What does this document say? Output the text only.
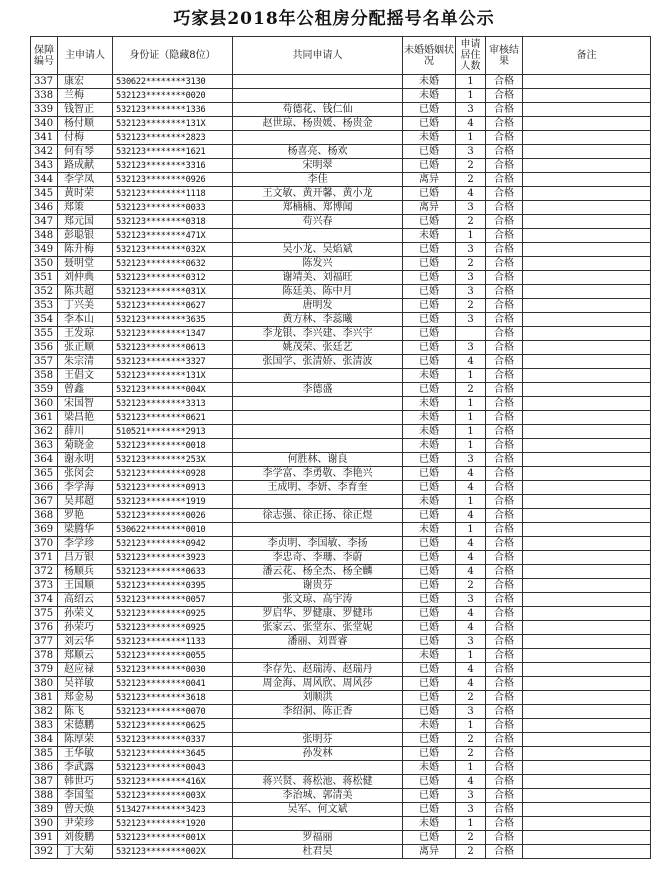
巧家县2018年公租房分配摇号名单公示
保障编号	主申请人	身份证（隐藏8位）	共同申请人	未婚婚姻状况	申请居住人数	审核结果	备注
337	康宏	530622********3130		未婚	1	合格	
338	兰梅	532123********0020		未婚	1	合格	
339	钱智正	532123********1336	苟德花、钱仁仙	已婚	3	合格	
340	杨付顺	532123********131X	赵世琼、杨贵媛、杨贵金	已婚	4	合格	
341	付梅	532123********2823		未婚	1	合格	
342	何有琴	532123********1621	杨喜亮、杨欢	已婚	3	合格	
343	路成献	532123********3316	宋明翠	已婚	2	合格	
344	李学凤	532123********0926	李佳	离异	2	合格	
345	黄时荣	532123********1118	王文敏、黄开馨、黄小龙	已婚	4	合格	
346	郑策	532123********0033	郑楠楠、郑博闻	离异	3	合格	
347	郑元国	532123********0318	苟兴春	已婚	2	合格	
348	彭聪银	532123********471X		未婚	1	合格	
349	陈升梅	532123********032X	吴小龙、吴焰斌	已婚	3	合格	
350	聂明堂	532123********0632	陈发兴	已婚	2	合格	
351	刘仲典	532123********0312	谢靖美、刘福旺	已婚	3	合格	
352	陈共超	532123********031X	陈廷美、陈中月	已婚	3	合格	
353	丁兴美	532123********0627	唐明发	已婚	2	合格	
354	李本山	532123********3635	黄方林、李蕊曦	已婚	3	合格	
355	王发琼	532123********1347	李龙银、李兴建、李兴宇	已婚		合格	
356	张正顺	532123********0613	姚茂荣、张廷艺	已婚	3	合格	
357	朱宗清	532123********3327	张国学、张清娇、张清波	已婚	4	合格	
358	王倡文	532123********131X		未婚	1	合格	
359	曾鑫	532123********004X	李德盛	已婚	2	合格	
360	宋国智	532123********3313		未婚	1	合格	
361	梁昌艳	532123********0621		未婚	1	合格	
362	薛川	510521********2913		未婚	1	合格	
363	菊晓金	532123********0018		未婚	1	合格	
364	谢永明	532123********253X	何胜林、谢良	已婚	3	合格	
365	张闵会	532123********0928	李学富、李勇敬、李艳兴	已婚	4	合格	
366	李学海	532123********0913	王成明、李妍、李育奎	已婚	4	合格	
367	吴邦超	532123********1919		未婚	1	合格	
368	罗艳	532123********0026	徐志强、徐正扬、徐正煜	已婚	4	合格	
369	梁腾华	530622********0010		未婚	1	合格	
370	李学珍	532123********0942	李贞明、李国敏、李扬	已婚	4	合格	
371	吕万银	532123********3923	李忠奇、李珊、李蔚	已婚	4	合格	
372	杨顺兵	532123********0633	潘云花、杨全杰、杨全麟	已婚	4	合格	
373	王国顺	532123********0395	谢贵芬	已婚	2	合格	
374	高绍云	532123********0057	张文琼、高宇涛	已婚	3	合格	
375	孙荣义	532123********0925	罗启华、罗健康、罗健玮	已婚	4	合格	
376	孙荣巧	532123********0925	张家云、张堂东、张堂妮	已婚	4	合格	
377	刘云华	532123********1133	潘丽、刘晋睿	已婚	3	合格	
378	郑顺云	532123********0055		未婚	1	合格	
379	赵应禄	532123********0030	李存先、赵瑞涛、赵瑞丹	已婚	4	合格	
380	吴祥敏	532123********0041	周金海、周风欣、周风莎	已婚	4	合格	
381	郑金易	532123********3618	刘顺洪	已婚	2	合格	
382	陈飞	532123********0070	李绍洞、陈正香	已婚	3	合格	
383	宋德鹏	532123********0625		未婚	1	合格	
384	陈厚荣	532123********0337	张明芬	已婚	2	合格	
385	王华敏	532123********3645	孙发林	已婚	2	合格	
386	李武露	532123********0043		未婚	1	合格	
387	韩世巧	532123********416X	蒋兴贤、蒋松池、蒋松健	已婚	4	合格	
388	李国玺	532123********003X	李治城、郭清美	已婚	3	合格	
389	曾天焕	513427********3423	吴军、何文斌	已婚	3	合格	
390	尹荣珍	532123********1920		未婚	1	合格	
391	刘俊鹏	532123********001X	罗福丽	已婚	2	合格	
392	丁大菊	532123********002X	杜君昊	离异	2	合格	
